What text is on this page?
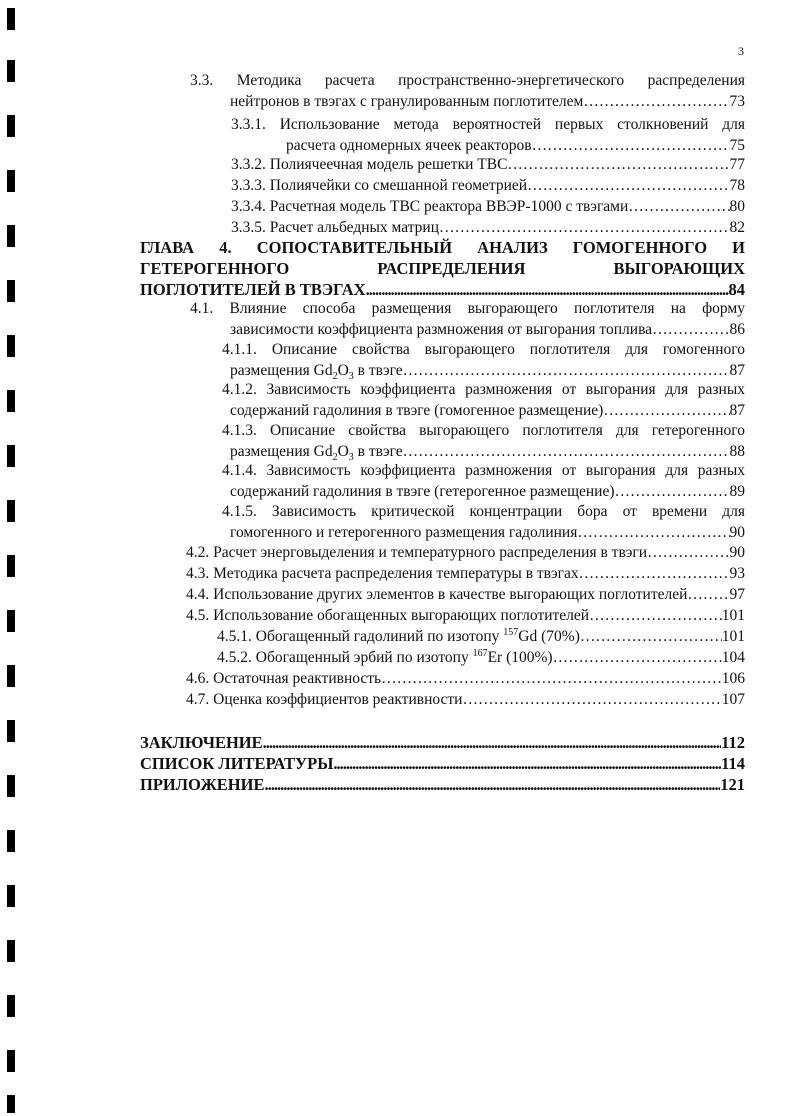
3
3.3. Методика расчета пространственно-энергетического распределения
нейтронов в твэгах с гранулированным поглотителем ………………………………………………………………………………………………………………………………………………………………………………	73
3.3.1. Использование метода вероятностей первых столкновений для
расчета одномерных ячеек реакторов ………………………………………………………………………………………………………………………………………………………………………………	75
3.3.2. Полиячеечная модель решетки ТВС ………………………………………………………………………………………………………………………………………………………………………………	77
3.3.3. Полиячейки со смешанной геометрией ………………………………………………………………………………………………………………………………………………………………………………	78
3.3.4. Расчетная модель ТВС реактора ВВЭР-1000 с твэгами ………………………………………………………………………………………………………………………………………………………………………………	80
3.3.5. Расчет альбедных матриц ………………………………………………………………………………………………………………………………………………………………………………	82
ГЛАВА 4. СОПОСТАВИТЕЛЬНЫЙ АНАЛИЗ ГОМОГЕННОГО И
ГЕТЕРОГЕННОГО РАСПРЕДЕЛЕНИЯ ВЫГОРАЮЩИХ
ПОГЛОТИТЕЛЕЙ В ТВЭГАХ .....	84
4.1. Влияние способа размещения выгорающего поглотителя на форму
зависимости коэффициента размножения от выгорания топлива ………………………………………………………………………………………………………………………………………………………………………………	86
4.1.1. Описание свойства выгорающего поглотителя для гомогенного
размещения $Gd_2O_3$ в твэге ………………………………………………………………………………………………………………………………………………………………………………	87
4.1.2. Зависимость коэффициента размножения от выгорания для разных
содержаний гадолиния в твэге (гомогенное размещение) ………………………………………………………………………………………………………………………………………………………………………………	87
4.1.3. Описание свойства выгорающего поглотителя для гетерогенного
размещения $Gd_2O_3$ в твэге ………………………………………………………………………………………………………………………………………………………………………………	88
4.1.4. Зависимость коэффициента размножения от выгорания для разных
содержаний гадолиния в твэге (гетерогенное размещение) ………………………………………………………………………………………………………………………………………………………………………………	89
4.1.5. Зависимость критической концентрации бора от времени для
гомогенного и гетерогенного размещения гадолиния ………………………………………………………………………………………………………………………………………………………………………………	90
4.2. Расчет энерговыделения и температурного распределения в твэги ………………………………………………………………………………………………………………………………………………………………………………	90
4.3. Методика расчета распределения температуры в твэгах ………………………………………………………………………………………………………………………………………………………………………………	93
4.4. Использование других элементов в качестве выгорающих поглотителей ………………………………………………………………………………………………………………………………………………………………………………	97
4.5. Использование обогащенных выгорающих поглотителей ………………………………………………………………………………………………………………………………………………………………………………	101
4.5.1. Обогащенный гадолиний по изотопу $^{157}$Gd (70%) ………………………………………………………………………………………………………………………………………………………………………………	101
4.5.2. Обогащенный эрбий по изотопу $^{167}$Er (100%) ………………………………………………………………………………………………………………………………………………………………………………	104
4.6. Остаточная реактивность ………………………………………………………………………………………………………………………………………………………………………………	106
4.7. Оценка коэффициентов реактивности ………………………………………………………………………………………………………………………………………………………………………………	107
ЗАКЛЮЧЕНИЕ .....	112
СПИСОК ЛИТЕРАТУРЫ .....	114
ПРИЛОЖЕНИЕ .....	121
